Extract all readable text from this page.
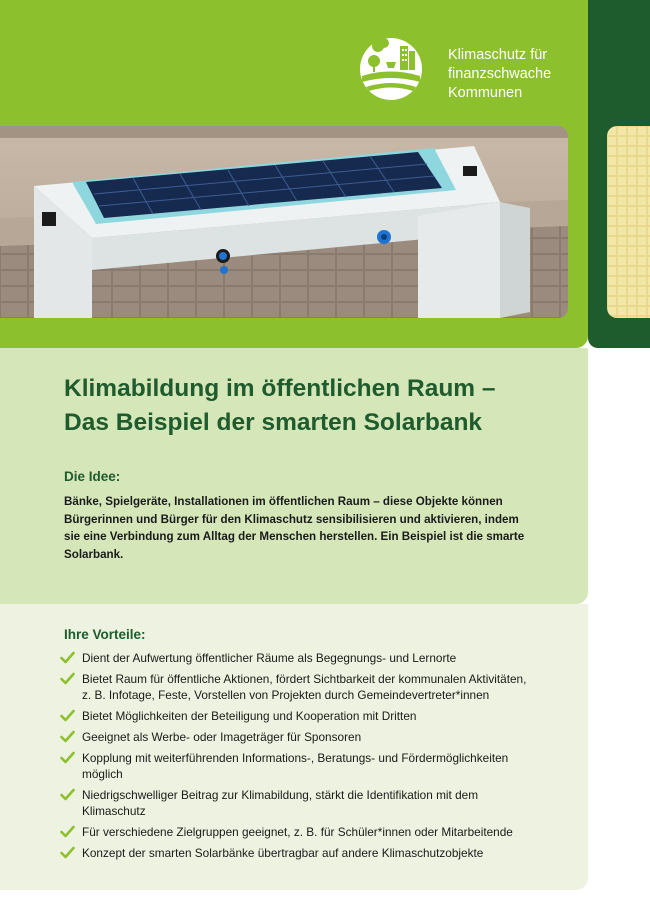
Klimaschutz für
finanzschwache
Kommunen
Klimabildung im öffentlichen Raum –
Das Beispiel der smarten Solarbank
Die Idee:

Bänke, Spielgeräte, Installationen im öffentlichen Raum – diese Objekte können
Bürgerinnen und Bürger für den Klimaschutz sensibilisieren und aktivieren, indem
sie eine Verbindung zum Alltag der Menschen herstellen. Ein Beispiel ist die smarte
Solarbank.

Ihre Vorteile:
Dient der Aufwertung öffentlicher Räume als Begegnungs- und Lernorte
Bietet Raum für öffentliche Aktionen, fördert Sichtbarkeit der kommunalen Aktivitäten,
z. B. Infotage, Feste, Vorstellen von Projekten durch Gemeindevertreter*innen
Bietet Möglichkeiten der Beteiligung und Kooperation mit Dritten
Geeignet als Werbe- oder Imageträger für Sponsoren
Kopplung mit weiterführenden Informations-, Beratungs- und Fördermöglichkeiten
möglich
Niedrigschwelliger Beitrag zur Klimabildung, stärkt die Identifikation mit dem
Klimaschutz
Für verschiedene Zielgruppen geeignet, z. B. für Schüler*innen oder Mitarbeitende
Konzept der smarten Solarbänke übertragbar auf andere Klimaschutzobjekte
